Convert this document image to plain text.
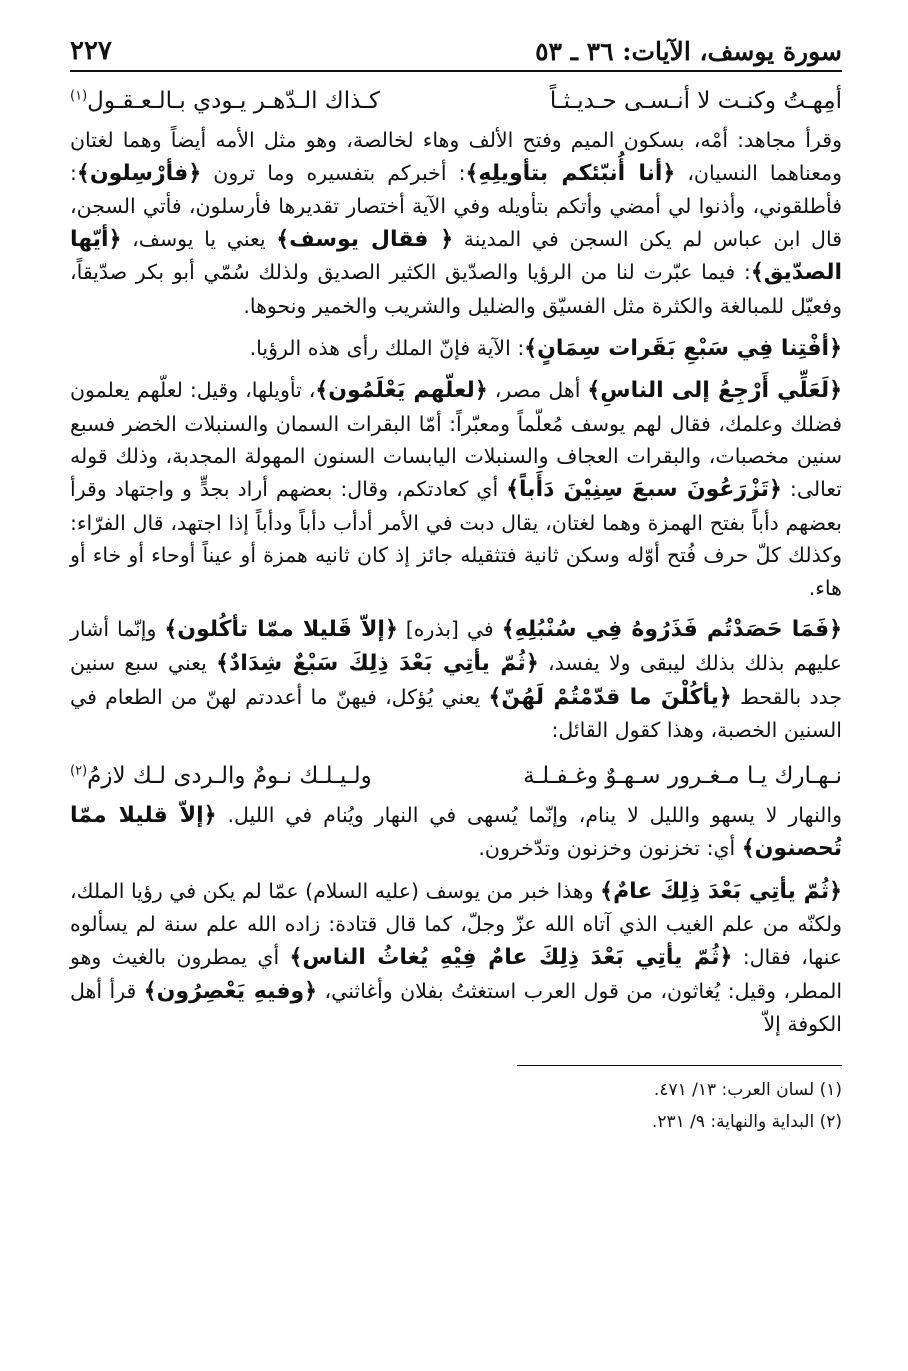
سورة يوسف، الآيات: ٣٦ ـ ٥٣
٢٢٧
أمِهـتُ وكنـت لا أنـسـى حـديـثـاً
كـذاك الـدّهـر يـودي بـالـعـقـول$^{(١)}$

وقرأ مجاهد: أمْه، بسكون الميم وفتح الألف وهاء لخالصة، وهو مثل الأمه أيضاً وهما لغتان ومعناهما النسيان، ﴿أنا أُنبّئكم بتأويلِهِ﴾: أخبركم بتفسيره وما ترون ﴿فأرْسِلون﴾: فأطلقوني، وأذنوا لي أمضي وأتكم بتأويله وفي الآية أختصار تقديرها فأرسلون، فأتي السجن، قال ابن عباس لم يكن السجن في المدينة ﴿ فقال يوسف﴾ يعني يا يوسف، ﴿أيّها الصدّيق﴾: فيما عبّرت لنا من الرؤيا والصدّيق الكثير الصديق ولذلك سُمّي أبو بكر صدّيقاً، وفعيّل للمبالغة والكثرة مثل الفسيّق والضليل والشريب والخمير ونحوها.

﴿أفْتِنا فِي سَبْعِ بَقَرات سِمَانٍ﴾: الآية فإنّ الملك رأى هذه الرؤيا.

﴿لَعَلِّي أَرْجِعُ إلى الناسِ﴾ أهل مصر، ﴿لعلّهم يَعْلَمُون﴾، تأويلها، وقيل: لعلّهم يعلمون فضلك وعلمك، فقال لهم يوسف مُعلّماً ومعبّراً: أمّا البقرات السمان والسنبلات الخضر فسبع سنين مخصبات، والبقرات العجاف والسنبلات اليابسات السنون المهولة المجدبة، وذلك قوله تعالى: ﴿تَزْرَعُونَ سبعَ سِنِيْنَ دَأَباً﴾ أي كعادتكم، وقال: بعضهم أراد بجدٍّ و واجتهاد وقرأ بعضهم دأباً بفتح الهمزة وهما لغتان، يقال دبت في الأمر أدأب دأباً ودأباً إذا اجتهد، قال الفرّاء: وكذلك كلّ حرف فُتح أوّله وسكن ثانية فتثقيله جائز إذ كان ثانيه همزة أو عيناً أوحاء أو خاء أو هاء.

﴿فَمَا حَصَدْتُم فَذَرُوهُ فِي سُنْبُلِهِ﴾ في [بذره] ﴿إلاّ قَليلا ممّا تأكُلون﴾ وإنّما أشار عليهم بذلك بذلك ليبقى ولا يفسد، ﴿ثُمّ يأتِي بَعْدَ ذِلِكَ سَبْعٌ شِدَادٌ﴾ يعني سبع سنين جدد بالقحط ﴿يأكُلْنَ ما قدّمْتُمْ لَهُنّ﴾ يعني يُؤكل، فيهنّ ما أعددتم لهنّ من الطعام في السنين الخصبة، وهذا كقول القائل:

نـهـارك يـا مـغـرور سـهـوٌ وغـفـلـة
ولـيـلـك نـومٌ والـردى لـك لازمُ$^{(٢)}$

والنهار لا يسهو والليل لا ينام، وإنّما يُسهى في النهار ويُنام في الليل. ﴿إلاّ قليلا ممّا تُحصنون﴾ أي: تخزنون وخزنون وتدّخرون.

﴿ثُمّ يأتِي بَعْدَ ذِلِكَ عامٌ﴾ وهذا خبر من يوسف (عليه السلام) عمّا لم يكن في رؤيا الملك، ولكنّه من علم الغيب الذي آتاه الله عزّ وجلّ، كما قال قتادة: زاده الله علم سنة لم يسألوه عنها، فقال: ﴿ثُمّ يأتِي بَعْدَ ذِلِكَ عامٌ فِيْهِ يُغاثُ الناس﴾ أي يمطرون بالغيث وهو المطر، وقيل: يُغاثون، من قول العرب استغثتُ بفلان وأغاثني، ﴿وفيهِ يَعْصِرُون﴾ قرأ أهل الكوفة إلاّ

(١) لسان العرب: ١٣/ ٤٧١.
(٢) البداية والنهاية: ٩/ ٢٣١.
